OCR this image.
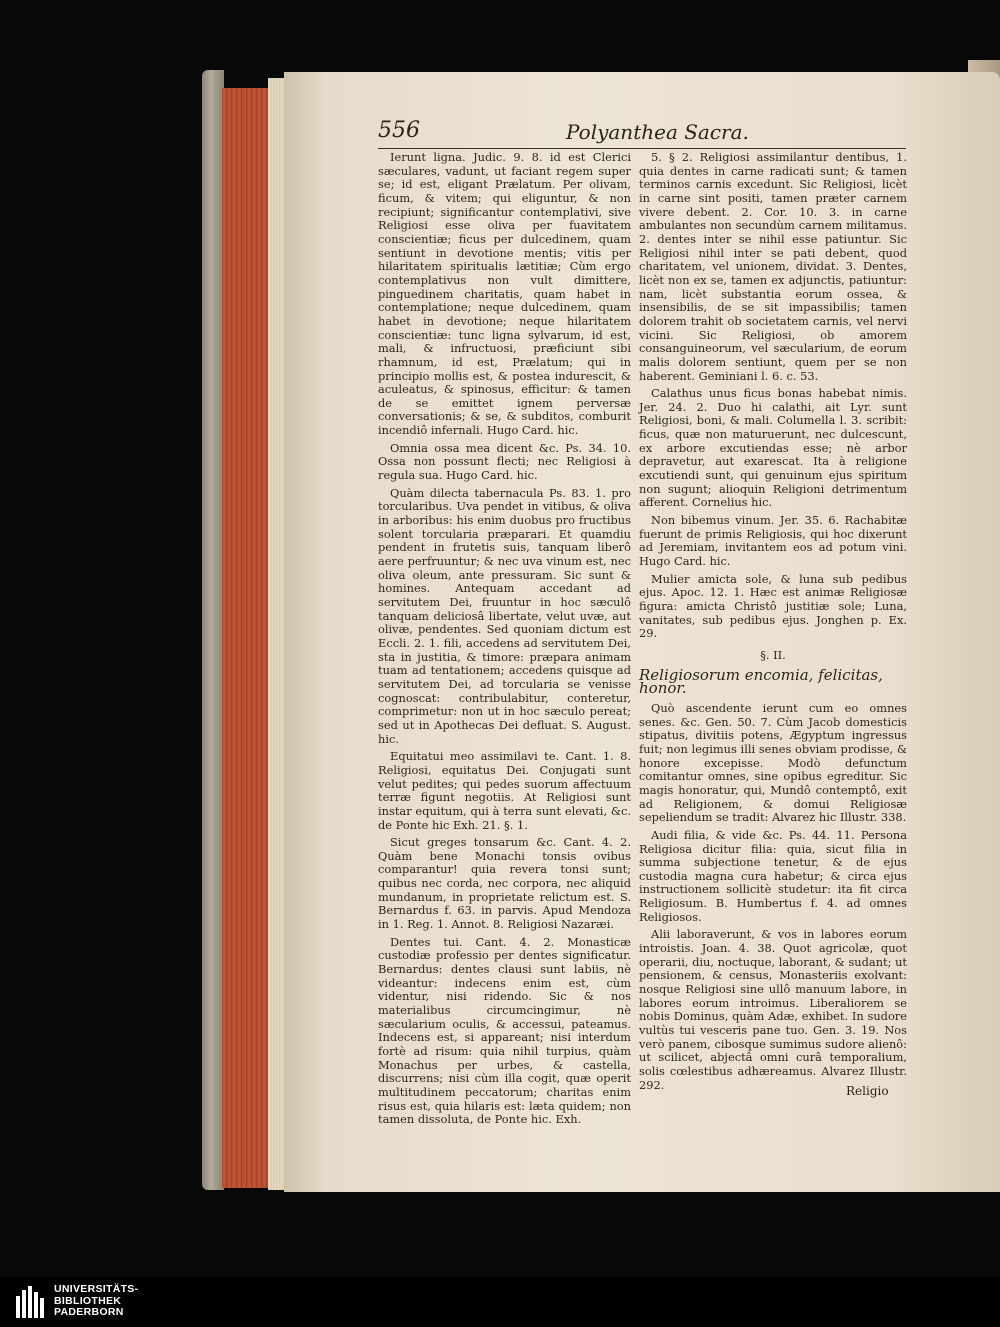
556	Polyanthea Sacra.

Ierunt ligna. Judic. 9. 8. id est Clerici sæculares, vadunt, ut faciant regem super se; id est, eligant Prælatum. Per olivam, ficum, & vitem; qui eliguntur, & non recipiunt; significantur contemplativi, sive Religiosi esse oliva per fuavitatem conscientiæ; ficus per dulcedinem, quam sentiunt in devotione mentis; vitis per hilaritatem spiritualis lætitiæ; Cùm ergo contemplativus non vult dimittere, pinguedinem charitatis, quam habet in contemplatione; neque dulcedinem, quam habet in devotione; neque hilaritatem conscientiæ: tunc ligna sylvarum, id est, mali, & infructuosi, præficiunt sibi rhamnum, id est, Prælatum; qui in principio mollis est, & postea indurescit, & aculeatus, & spinosus, efficitur: & tamen de se emittet ignem perversæ conversationis; & se, & subditos, comburit incendiô infernali. Hugo Card. hic.

Omnia ossa mea dicent &c. Ps. 34. 10. Ossa non possunt flecti; nec Religiosi à regula sua. Hugo Card. hic.

Quàm dilecta tabernacula Ps. 83. 1. pro torcularibus. Uva pendet in vitibus, & oliva in arboribus: his enim duobus pro fructibus solent torcularia præparari. Et quamdiu pendent in frutetis suis, tanquam liberô aere perfruuntur; & nec uva vinum est, nec oliva oleum, ante pressuram. Sic sunt & homines. Antequam accedant ad servitutem Dei, fruuntur in hoc sæculô tanquam deliciosâ libertate, velut uvæ, aut olivæ, pendentes. Sed quoniam dictum est Eccli. 2. 1. fili, accedens ad servitutem Dei, sta in justitia, & timore: præpara animam tuam ad tentationem; accedens quisque ad servitutem Dei, ad torcularia se venisse cognoscat: contribulabitur, conteretur, comprimetur: non ut in hoc sæculo pereat; sed ut in Apothecas Dei defluat. S. August. hic.

Equitatui meo assimilavi te. Cant. 1. 8. Religiosi, equitatus Dei. Conjugati sunt velut pedites; qui pedes suorum affectuum terræ figunt negotiis. At Religiosi sunt instar equitum, qui à terra sunt elevati, &c. de Ponte hic Exh. 21. §. 1.

Sicut greges tonsarum &c. Cant. 4. 2. Quàm bene Monachi tonsis ovibus comparantur! quia revera tonsi sunt; quibus nec corda, nec corpora, nec aliquid mundanum, in proprietate relictum est. S. Bernardus f. 63. in parvis. Apud Mendoza in 1. Reg. 1. Annot. 8. Religiosi Nazaræi.

Dentes tui. Cant. 4. 2. Monasticæ custodiæ professio per dentes significatur. Bernardus: dentes clausi sunt labiis, nè videantur: indecens enim est, cùm videntur, nisi ridendo. Sic & nos materialibus circumcingimur, nè sæcularium oculis, & accessui, pateamus. Indecens est, si appareant; nisi interdum fortè ad risum: quia nihil turpius, quàm Monachus per urbes, & castella, discurrens; nisi cùm illa cogit, quæ operit multitudinem peccatorum; charitas enim risus est, quia hilaris est: læta quidem; non tamen dissoluta, de Ponte hic. Exh.

5. § 2. Religiosi assimilantur dentibus, 1. quia dentes in carne radicati sunt; & tamen terminos carnis excedunt. Sic Religiosi, licèt in carne sint positi, tamen præter carnem vivere debent. 2. Cor. 10. 3. in carne ambulantes non secundùm carnem militamus. 2. dentes inter se nihil esse patiuntur. Sic Religiosi nihil inter se pati debent, quod charitatem, vel unionem, dividat. 3. Dentes, licèt non ex se, tamen ex adjunctis, patiuntur: nam, licèt substantia eorum ossea, & insensibilis, de se sit impassibilis; tamen dolorem trahit ob societatem carnis, vel nervi vicini. Sic Religiosi, ob amorem consanguineorum, vel sæcularium, de eorum malis dolorem sentiunt, quem per se non haberent. Geminiani l. 6. c. 53.

Calathus unus ficus bonas habebat nimis. Jer. 24. 2. Duo hi calathi, ait Lyr. sunt Religiosi, boni, & mali. Columella l. 3. scribit: ficus, quæ non maturuerunt, nec dulcescunt, ex arbore excutiendas esse; nè arbor depravetur, aut exarescat. Ita à religione excutiendi sunt, qui genuinum ejus spiritum non sugunt; alioquin Religioni detrimentum afferent. Cornelius hic.

Non bibemus vinum. Jer. 35. 6. Rachabitæ fuerunt de primis Religiosis, qui hoc dixerunt ad Jeremiam, invitantem eos ad potum vini. Hugo Card. hic.

Mulier amicta sole, & luna sub pedibus ejus. Apoc. 12. 1. Hæc est animæ Religiosæ figura: amicta Christô justitiæ sole; Luna, vanitates, sub pedibus ejus. Jonghen p. Ex. 29.

§. II.
Religiosorum encomia, felicitas, honor.

Quò ascendente ierunt cum eo omnes senes. &c. Gen. 50. 7. Cùm Jacob domesticis stipatus, divitiis potens, Ægyptum ingressus fuit; non legimus illi senes obviam prodisse, & honore excepisse. Modò defunctum comitantur omnes, sine opibus egreditur. Sic magis honoratur, qui, Mundô contemptô, exit ad Religionem, & domui Religiosæ sepeliendum se tradit: Alvarez hic Illustr. 338.

Audi filia, & vide &c. Ps. 44. 11. Persona Religiosa dicitur filia: quia, sicut filia in summa subjectione tenetur, & de ejus custodia magna cura habetur; & circa ejus instructionem sollicitè studetur: ita fit circa Religiosum. B. Humbertus f. 4. ad omnes Religiosos.

Alii laboraverunt, & vos in labores eorum introistis. Joan. 4. 38. Quot agricolæ, quot operarii, diu, noctuque, laborant, & sudant; ut pensionem, & census, Monasteriis exolvant: nosque Religiosi sine ullô manuum labore, in labores eorum introimus. Liberaliorem se nobis Dominus, quàm Adæ, exhibet. In sudore vultùs tui vesceris pane tuo. Gen. 3. 19. Nos verò panem, cibosque sumimus sudore alienô: ut scilicet, abjectâ omni curâ temporalium, solis cœlestibus adhæreamus. Alvarez Illustr. 292.	Religio
UNIVERSITÄTS-
BIBLIOTHEK
PADERBORN
